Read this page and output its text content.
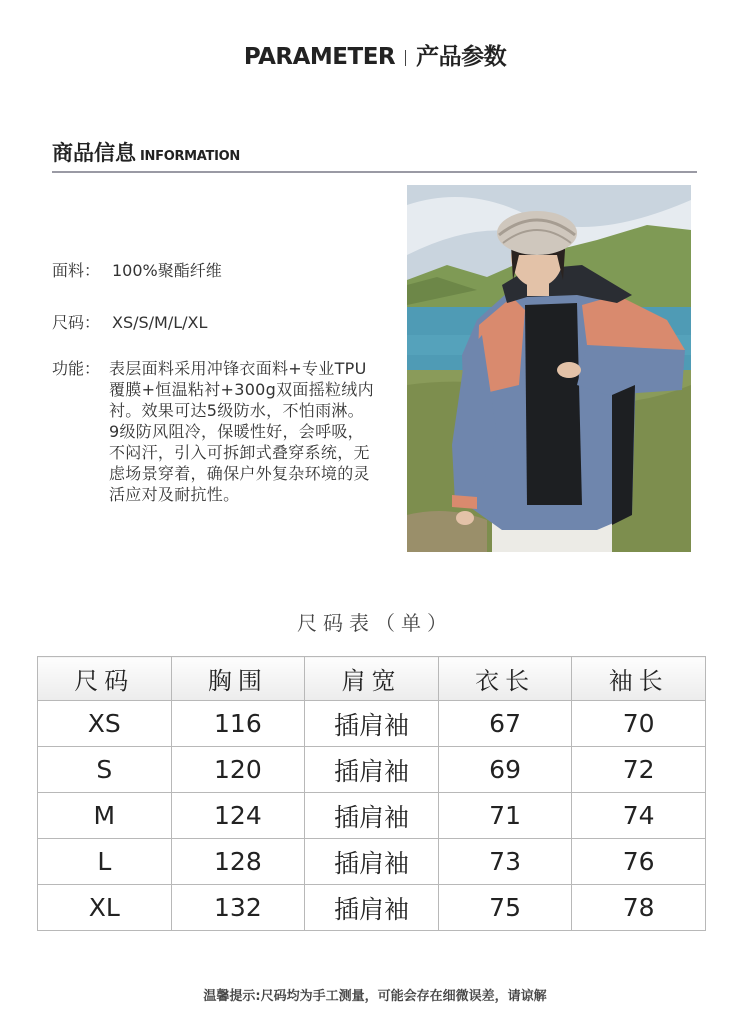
PARAMETER 产品参数
商品信息 INFORMATION
面料： 100%聚酯纤维
尺码： XS/S/M/L/XL
功能： 表层面料采用冲锋衣面料+专业TPU覆膜+恒温粘衬+300g双面摇粒绒内衬。效果可达5级防水，不怕雨淋。9级防风阻冷，保暖性好，会呼吸，不闷汗，引入可拆卸式叠穿系统，无虑场景穿着，确保户外复杂环境的灵活应对及耐抗性。
尺码表（单）
尺码	胸围	肩宽	衣长	袖长
XS	116	插肩袖	67	70
S	120	插肩袖	69	72
M	124	插肩袖	71	74
L	128	插肩袖	73	76
XL	132	插肩袖	75	78
温馨提示:尺码均为手工测量，可能会存在细微误差，请谅解
